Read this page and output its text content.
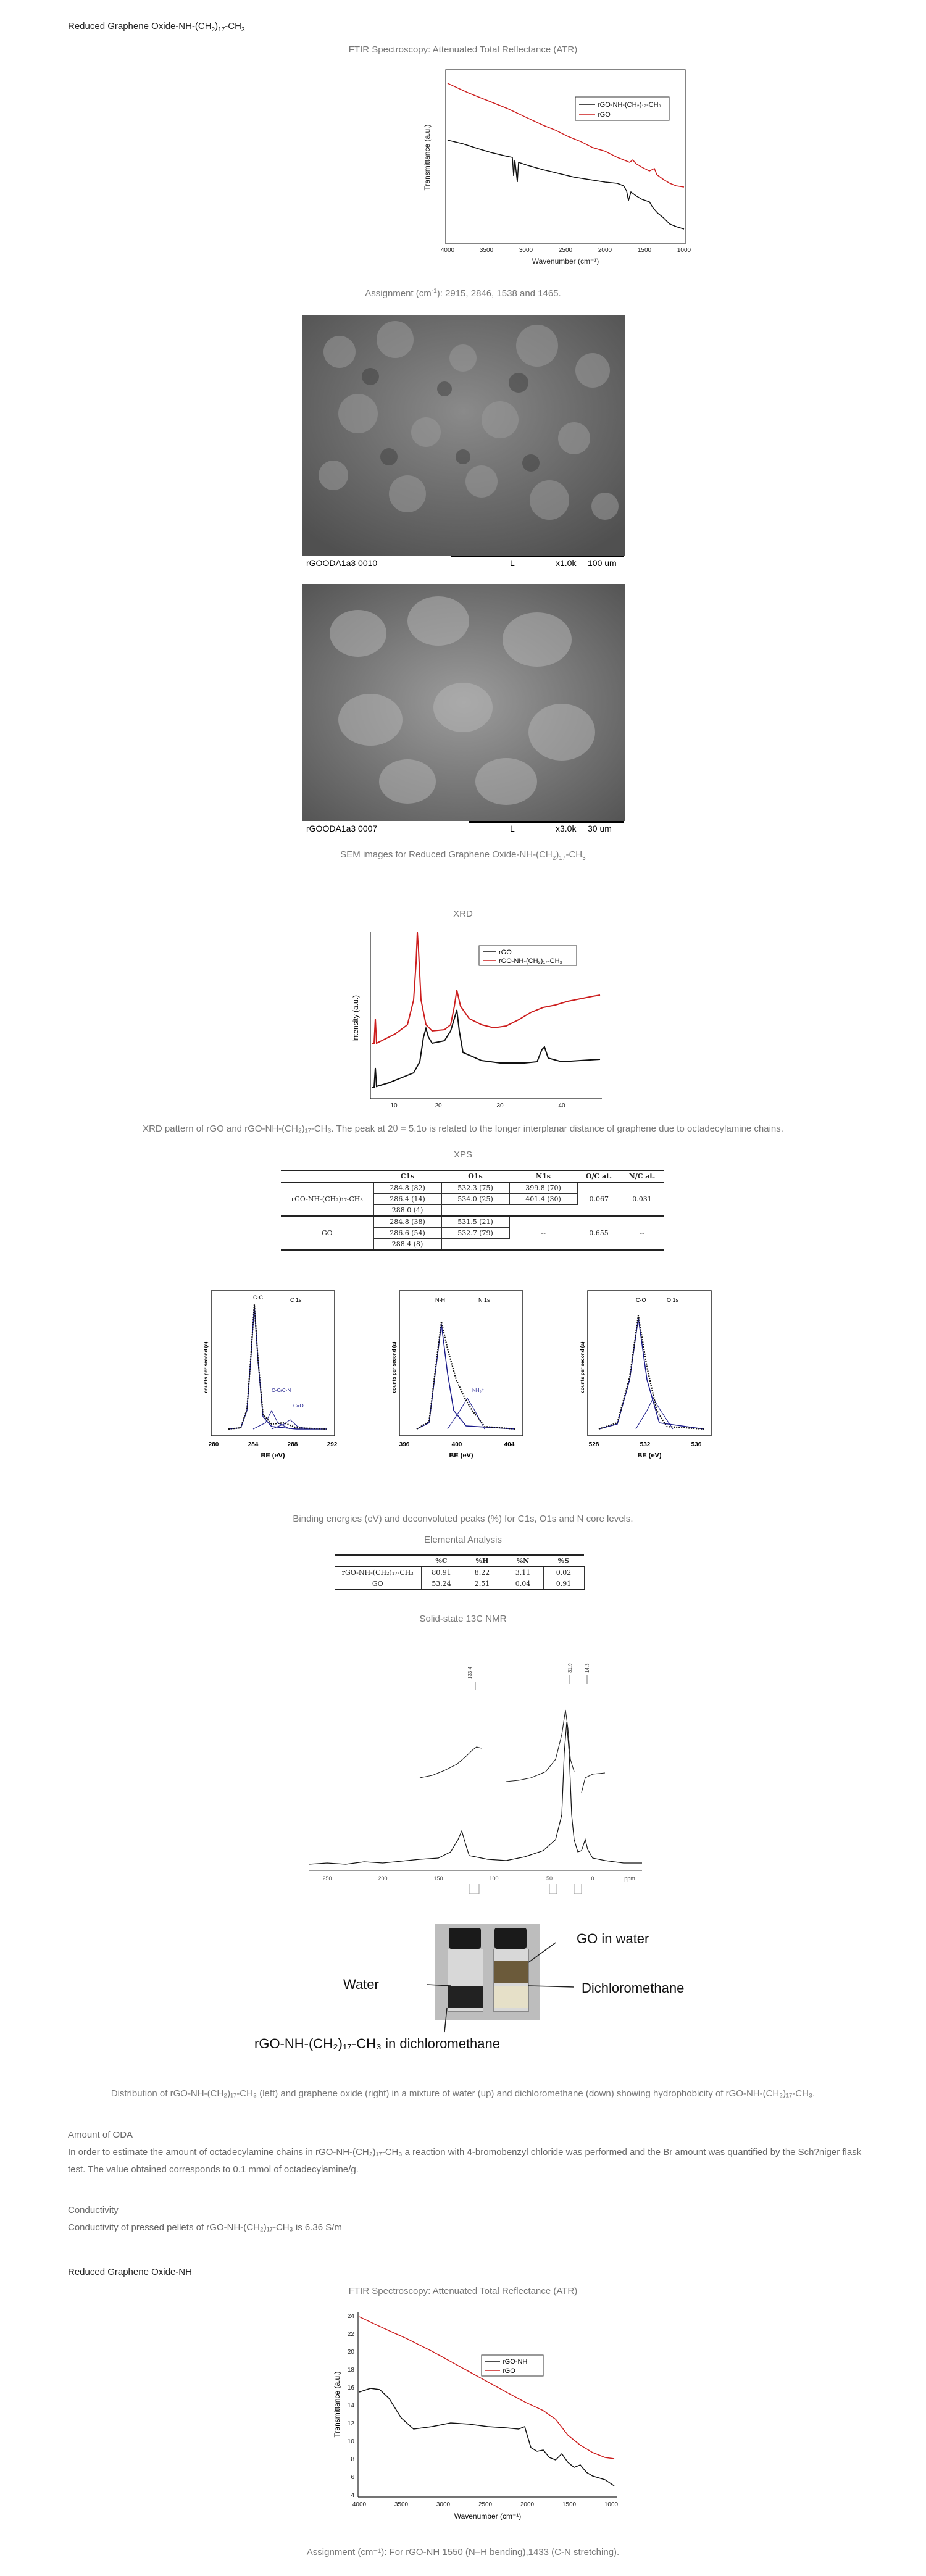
Reduced Graphene Oxide-$NH-(CH_2)_{17}-CH_3$
FTIR Spectroscopy: Attenuated Total Reflectance (ATR)
rGO-NH-(CH₂)₁₇-CH₃
rGO
4000	3500	3000	2500	2000	1500	1000
Wavenumber (cm⁻¹)
Transmittance (a.u.)
Assignment $(cm^{-1})$: 2915, 2846, 1538 and 1465.
rGOODA1a3 0010	L	x1.0k 100 um
rGOODA1a3 0007	L	x3.0k 30 um
SEM images for Reduced Graphene Oxide-$NH-(CH_2)_{17}-CH_3$
XRD
rGO
rGO-NH-(CH₂)₁₇-CH₃
10	20	30	40
Intensity (a.u.)
XRD pattern of rGO and rGO-NH-(CH₂)₁₇-CH₃. The peak at 2θ = 5.1o is related to the longer interplanar distance of graphene due to octadecylamine chains.
XPS
	C1s	O1s	N1s	O/C at.	N/C at.
rGO-NH-(CH₂)₁₇-CH₃	284.8 (82)	532.3 (75)	399.8 (70)	0.067	0.031
	286.4 (14)	534.0 (25)	401.4 (30)		
	288.0 (4)				
GO	284.8 (38)	531.5 (21)	--	0.655	--
	286.6 (54)	532.7 (79)			
	288.4 (8)				
C 1s
C-C
C-O/C-N
C=O
280	284	288	292
BE (eV)
counts per second (a)
N 1s
N-H
NH₃⁺
396	400	404
BE (eV)
counts per second (a)
O 1s
C-O
528	532	536
BE (eV)
counts per second (a)
Binding energies (eV) and deconvoluted peaks (%) for C1s, O1s and N core levels.
Elemental Analysis
	%C	%H	%N	%S
rGO-NH-(CH₂)₁₇-CH₃	80.91	8.22	3.11	0.02
GO	53.24	2.51	0.04	0.91
Solid-state 13C NMR
133.4	31.9 14.3
250	200	150	100	50	0	ppm
Water
GO in water
Dichloromethane
rGO-NH-(CH₂)₁₇-CH₃ in dichloromethane
Distribution of rGO-NH-(CH₂)₁₇-CH₃ (left) and graphene oxide (right) in a mixture of water (up) and dichloromethane (down) showing hydrophobicity of rGO-NH-(CH₂)₁₇-CH₃.
Amount of ODA
In order to estimate the amount of octadecylamine chains in rGO-NH-(CH₂)₁₇-CH₃ a reaction with 4-bromobenzyl chloride was performed and the Br amount was quantified by the Sch?niger flask test. The value obtained corresponds to 0.1 mmol of octadecylamine/g.
Conductivity
Conductivity of pressed pellets of rGO-NH-(CH₂)₁₇-CH₃ is 6.36 S/m
Reduced Graphene Oxide-NH
FTIR Spectroscopy: Attenuated Total Reflectance (ATR)
24
22
20
18
16
14
12
10
8
6
4
rGO-NH
rGO
4000	3500	3000	2500	2000	1500	1000
Wavenumber (cm⁻¹)
Transmittance (a.u.)
Assignment (cm⁻¹): For rGO-NH 1550 (N–H bending),1433 (C-N stretching).
